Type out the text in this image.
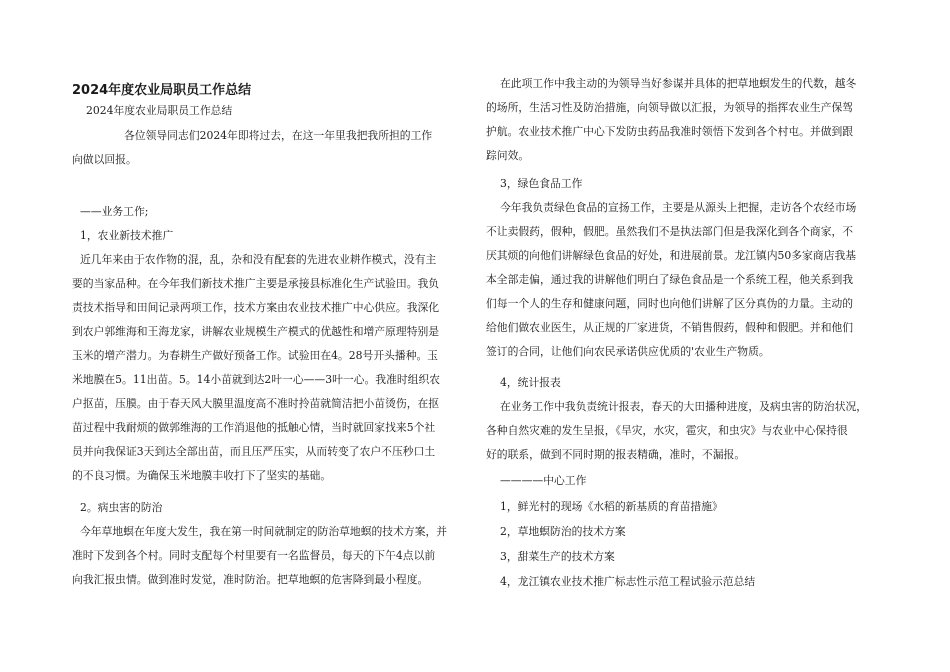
2024年度农业局职员工作总结
2024年度农业局职员工作总结
各位领导同志们2024年即将过去，在这一年里我把我所担的工作
向做以回报。
——业务工作;
1，农业新技术推广
近几年来由于农作物的混，乱，杂和没有配套的先进农业耕作模式，没有主
要的当家品种。在今年我们新技术推广主要是承接县标准化生产试验田。我负
责技术指导和田间记录两项工作，技术方案由农业技术推广中心供应。我深化
到农户郭维海和王海龙家，讲解农业规模生产模式的优越性和增产原理特别是
玉米的增产潜力。为春耕生产做好预备工作。试验田在4。28号开头播种。玉
米地膜在5。11出苗。5。14小苗就到达2叶一心——3叶一心。我准时组织农
户抠苗，压膜。由于春天风大膜里温度高不准时拎苗就简洁把小苗烫伤，在抠
苗过程中我耐烦的做郭维海的工作消退他的抵触心情，当时就回家找来5个社
员并向我保证3天到达全部出苗，而且压严压实，从而转变了农户不压秒口土
的不良习惯。为确保玉米地膜丰收打下了坚实的基础。
2。病虫害的防治
今年草地螟在年度大发生，我在第一时间就制定的防治草地螟的技术方案，并
准时下发到各个村。同时支配每个村里要有一名监督员，每天的下午4点以前
向我汇报虫情。做到准时发觉，准时防治。把草地螟的危害降到最小程度。
在此项工作中我主动的为领导当好参谋并具体的把草地螟发生的代数，越冬
的场所，生活习性及防治措施，向领导做以汇报，为领导的指挥农业生产保驾
护航。农业技术推广中心下发防虫药品我准时领悟下发到各个村屯。并做到跟
踪问效。
3，绿色食品工作
今年我负责绿色食品的宣扬工作，主要是从源头上把握，走访各个农经市场
不让卖假药，假种，假肥。虽然我们不是执法部门但是我深化到各个商家，不
厌其烦的向他们讲解绿色食品的好处，和进展前景。龙江镇内50多家商店我基
本全部走偏，通过我的讲解他们明白了绿色食品是一个系统工程，他关系到我
们每一个人的生存和健康问题，同时也向他们讲解了区分真伪的力量。主动的
给他们做农业医生，从正规的厂家进货，不销售假药，假种和假肥。并和他们
签订的合同，让他们向农民承诺供应优质的'农业生产物质。
4，统计报表
在业务工作中我负责统计报表，春天的大田播种进度，及病虫害的防治状况，
各种自然灾难的发生呈报，《旱灾，水灾，雹灾，和虫灾》与农业中心保持很
好的联系，做到不同时期的报表精确，准时，不漏报。
————中心工作
1，鲜光村的现场《水稻的新基质的育苗措施》
2，草地螟防治的技术方案
3，甜菜生产的技术方案
4，龙江镇农业技术推广标志性示范工程试验示范总结
